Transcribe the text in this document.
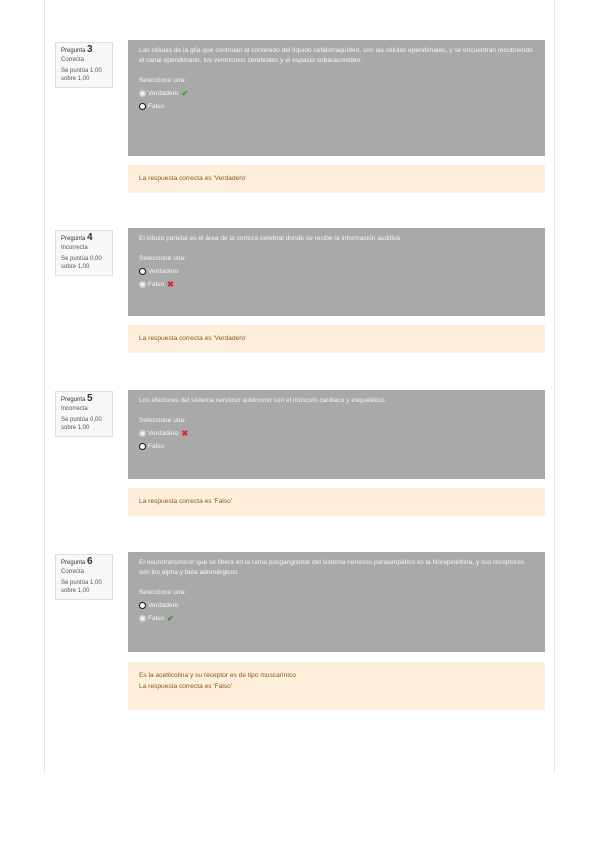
Pregunta 3
Correcta
Se puntúa 1,00
sobre 1,00

Las células de la glía que controlan el contenido del líquido cefalorraquídeo, son las células ependimales, y se encuentran recubriendo el canal ependimario, los ventrículos cerebrales y el espacio subaracnoideo.

Seleccione una:
Verdadero ✔
Falso
La respuesta correcta es 'Verdadero'
Pregunta 4
Incorrecta
Se puntúa 0,00
sobre 1,00

El lóbulo parietal es el área de la corteza cerebral donde se recibe la información auditiva

Seleccione una:
Verdadero
Falso ✖
La respuesta correcta es 'Verdadero'
Pregunta 5
Incorrecta
Se puntúa 0,00
sobre 1,00

Los efectores del sistema nervioso autónomo son el músculo cardiaco y esquelético.

Seleccione una:
Verdadero ✖
Falso
La respuesta correcta es 'Falso'
Pregunta 6
Correcta
Se puntúa 1,00
sobre 1,00

El neurotransmisor que se libera en la rama posganglionar del sistema nervioso parasimpático es la Norepinefrina, y sus receptores son los alpha y beta adrenérgicos

Seleccione una:
Verdadero
Falso ✔
Es la acetilcolina y su receptor es de tipo muscarínico
La respuesta correcta es 'Falso'
